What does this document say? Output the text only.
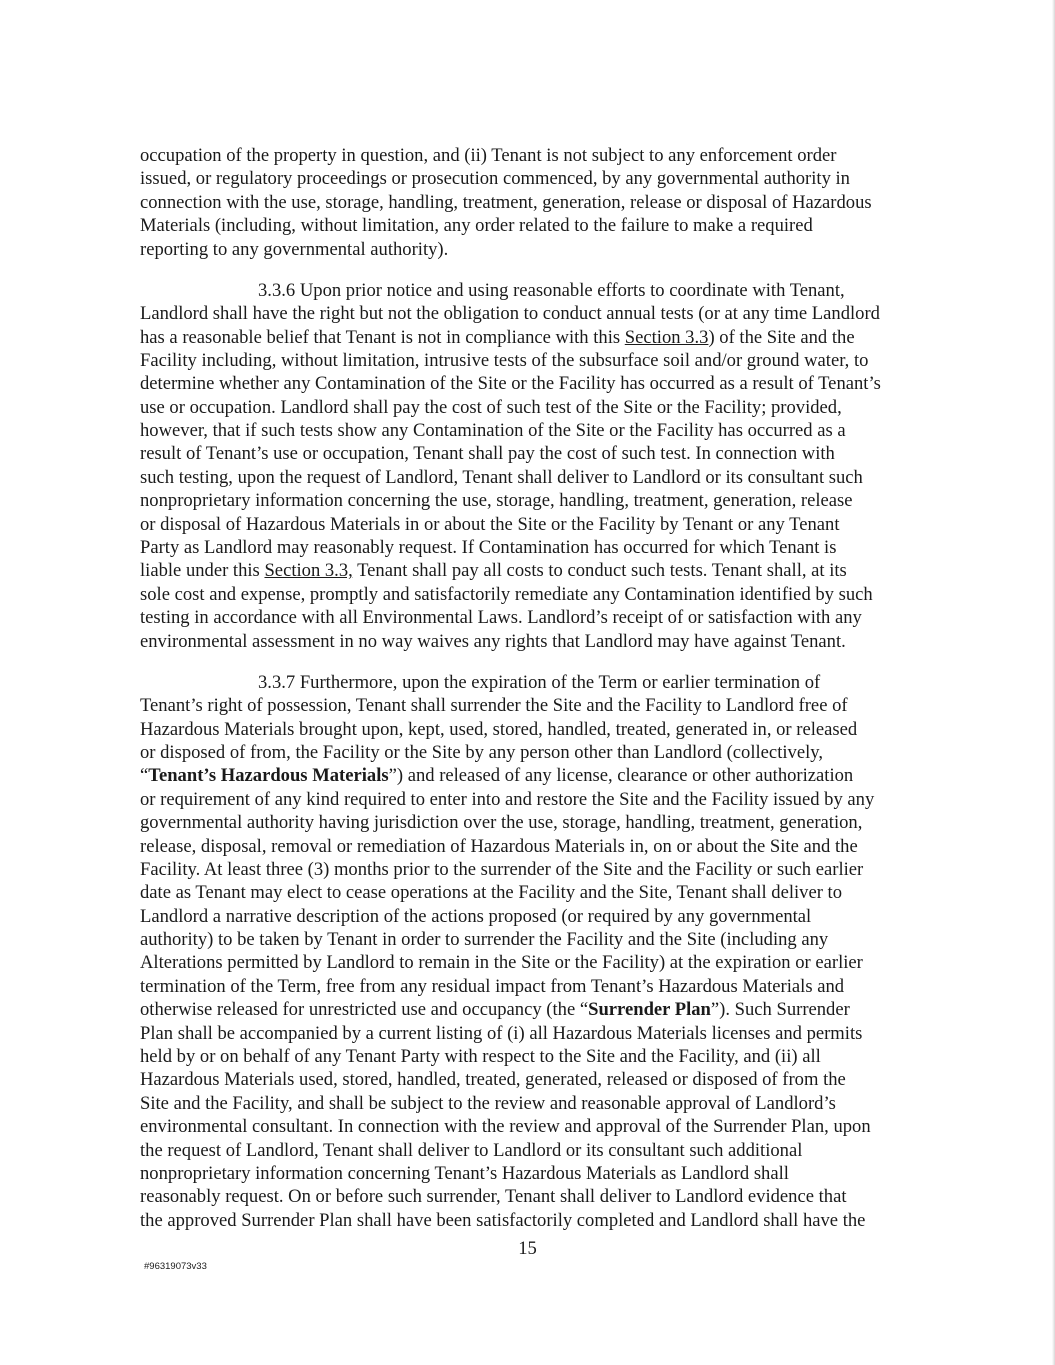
occupation of the property in question, and (ii) Tenant is not subject to any enforcement order
issued, or regulatory proceedings or prosecution commenced, by any governmental authority in
connection with the use, storage, handling, treatment, generation, release or disposal of Hazardous
Materials (including, without limitation, any order related to the failure to make a required
reporting to any governmental authority).
3.3.6 Upon prior notice and using reasonable efforts to coordinate with Tenant,
Landlord shall have the right but not the obligation to conduct annual tests (or at any time Landlord
has a reasonable belief that Tenant is not in compliance with this Section 3.3) of the Site and the
Facility including, without limitation, intrusive tests of the subsurface soil and/or ground water, to
determine whether any Contamination of the Site or the Facility has occurred as a result of Tenant’s
use or occupation. Landlord shall pay the cost of such test of the Site or the Facility; provided,
however, that if such tests show any Contamination of the Site or the Facility has occurred as a
result of Tenant’s use or occupation, Tenant shall pay the cost of such test. In connection with
such testing, upon the request of Landlord, Tenant shall deliver to Landlord or its consultant such
nonproprietary information concerning the use, storage, handling, treatment, generation, release
or disposal of Hazardous Materials in or about the Site or the Facility by Tenant or any Tenant
Party as Landlord may reasonably request. If Contamination has occurred for which Tenant is
liable under this Section 3.3, Tenant shall pay all costs to conduct such tests. Tenant shall, at its
sole cost and expense, promptly and satisfactorily remediate any Contamination identified by such
testing in accordance with all Environmental Laws. Landlord’s receipt of or satisfaction with any
environmental assessment in no way waives any rights that Landlord may have against Tenant.
3.3.7 Furthermore, upon the expiration of the Term or earlier termination of
Tenant’s right of possession, Tenant shall surrender the Site and the Facility to Landlord free of
Hazardous Materials brought upon, kept, used, stored, handled, treated, generated in, or released
or disposed of from, the Facility or the Site by any person other than Landlord (collectively,
“Tenant’s Hazardous Materials”) and released of any license, clearance or other authorization
or requirement of any kind required to enter into and restore the Site and the Facility issued by any
governmental authority having jurisdiction over the use, storage, handling, treatment, generation,
release, disposal, removal or remediation of Hazardous Materials in, on or about the Site and the
Facility. At least three (3) months prior to the surrender of the Site and the Facility or such earlier
date as Tenant may elect to cease operations at the Facility and the Site, Tenant shall deliver to
Landlord a narrative description of the actions proposed (or required by any governmental
authority) to be taken by Tenant in order to surrender the Facility and the Site (including any
Alterations permitted by Landlord to remain in the Site or the Facility) at the expiration or earlier
termination of the Term, free from any residual impact from Tenant’s Hazardous Materials and
otherwise released for unrestricted use and occupancy (the “Surrender Plan”). Such Surrender
Plan shall be accompanied by a current listing of (i) all Hazardous Materials licenses and permits
held by or on behalf of any Tenant Party with respect to the Site and the Facility, and (ii) all
Hazardous Materials used, stored, handled, treated, generated, released or disposed of from the
Site and the Facility, and shall be subject to the review and reasonable approval of Landlord’s
environmental consultant. In connection with the review and approval of the Surrender Plan, upon
the request of Landlord, Tenant shall deliver to Landlord or its consultant such additional
nonproprietary information concerning Tenant’s Hazardous Materials as Landlord shall
reasonably request. On or before such surrender, Tenant shall deliver to Landlord evidence that
the approved Surrender Plan shall have been satisfactorily completed and Landlord shall have the
15
#96319073v33
